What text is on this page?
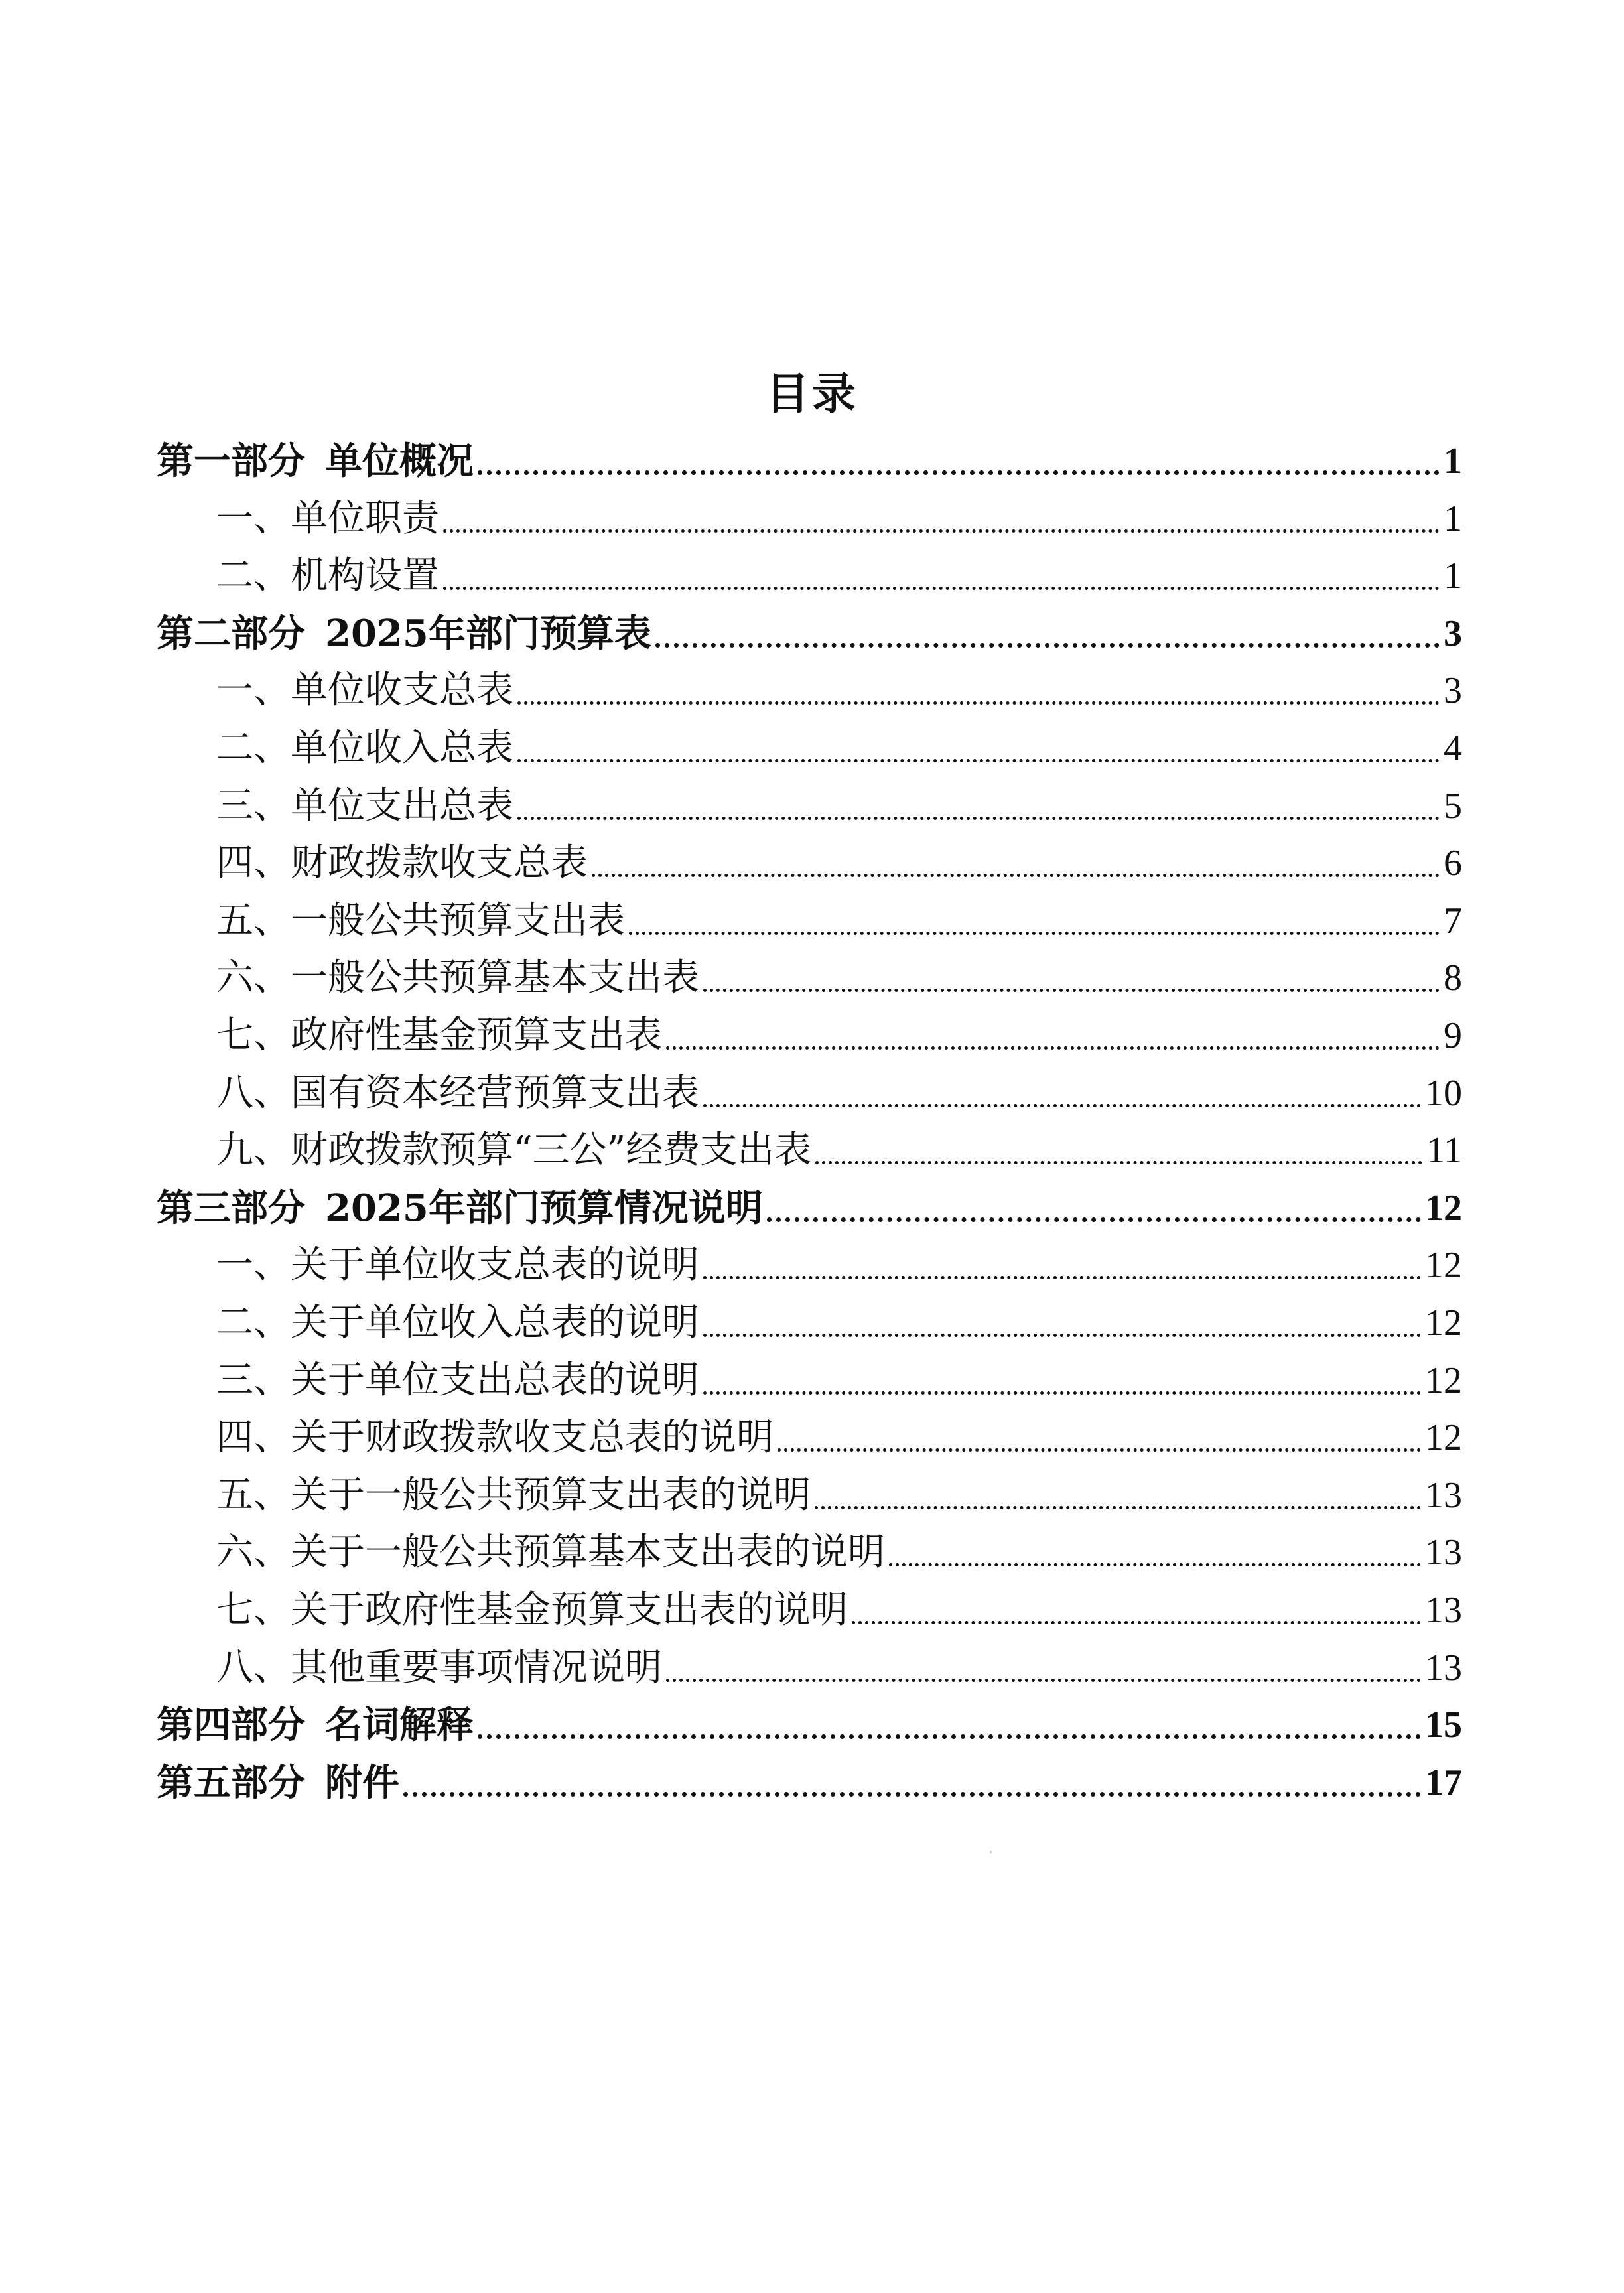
目录
第一部分 单位概况	1
一、单位职责	1
二、机构设置	1
第二部分 2025年部门预算表	3
一、单位收支总表	3
二、单位收入总表	4
三、单位支出总表	5
四、财政拨款收支总表	6
五、一般公共预算支出表	7
六、一般公共预算基本支出表	8
七、政府性基金预算支出表	9
八、国有资本经营预算支出表	10
九、财政拨款预算“三公”经费支出表	11
第三部分 2025年部门预算情况说明	12
一、关于单位收支总表的说明	12
二、关于单位收入总表的说明	12
三、关于单位支出总表的说明	12
四、关于财政拨款收支总表的说明	12
五、关于一般公共预算支出表的说明	13
六、关于一般公共预算基本支出表的说明	13
七、关于政府性基金预算支出表的说明	13
八、其他重要事项情况说明	13
第四部分 名词解释	15
第五部分 附件	17
